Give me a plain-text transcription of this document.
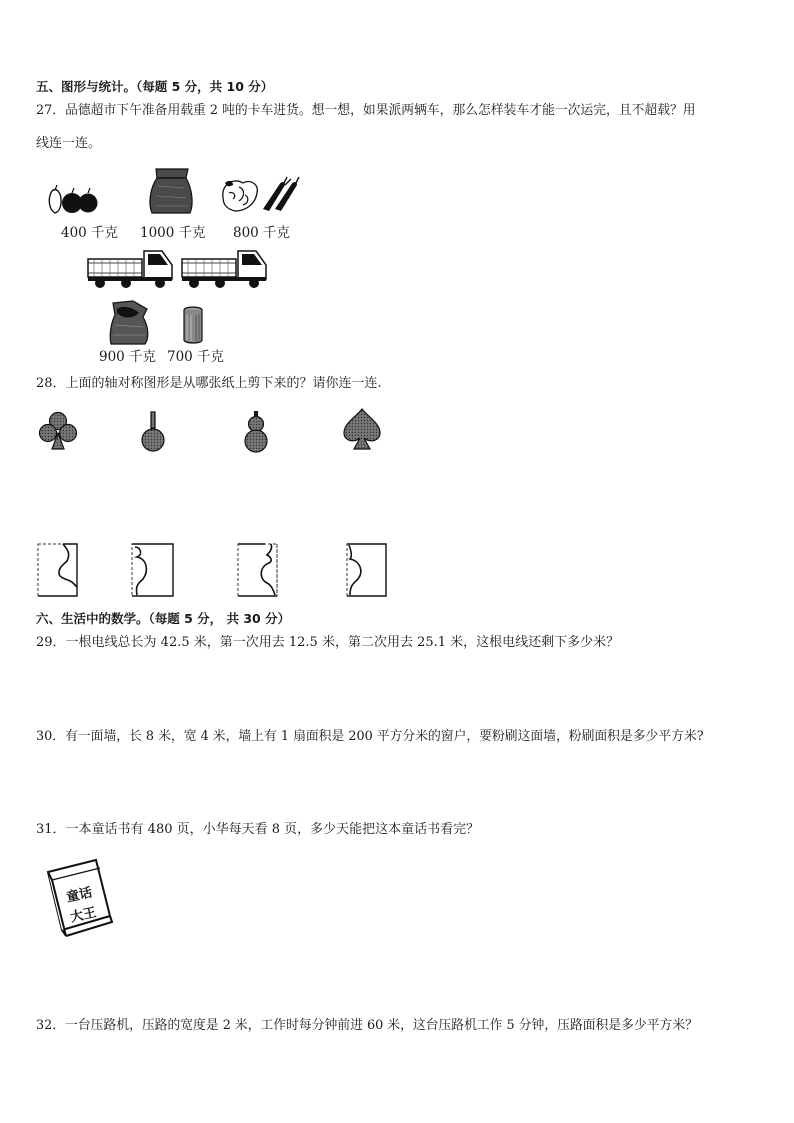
五、图形与统计。（每题 5 分，共 10 分）
27．品德超市下午准备用载重 2 吨的卡车进货。想一想，如果派两辆车，那么怎样装车才能一次运完，且不超载？用
线连一连。
400 千克 1000 千克 800 千克
900 千克 700 千克
28．上面的轴对称图形是从哪张纸上剪下来的？请你连一连.
六、生活中的数学。（每题 5 分， 共 30 分）
29．一根电线总长为 42.5 米，第一次用去 12.5 米，第二次用去 25.1 米，这根电线还剩下多少米？
30．有一面墙，长 8 米，宽 4 米，墙上有 1 扇面积是 200 平方分米的窗户，要粉刷这面墙，粉刷面积是多少平方米?
31．一本童话书有 480 页，小华每天看 8 页，多少天能把这本童话书看完？
童话
大王
32．一台压路机，压路的宽度是 2 米，工作时每分钟前进 60 米，这台压路机工作 5 分钟，压路面积是多少平方米？
